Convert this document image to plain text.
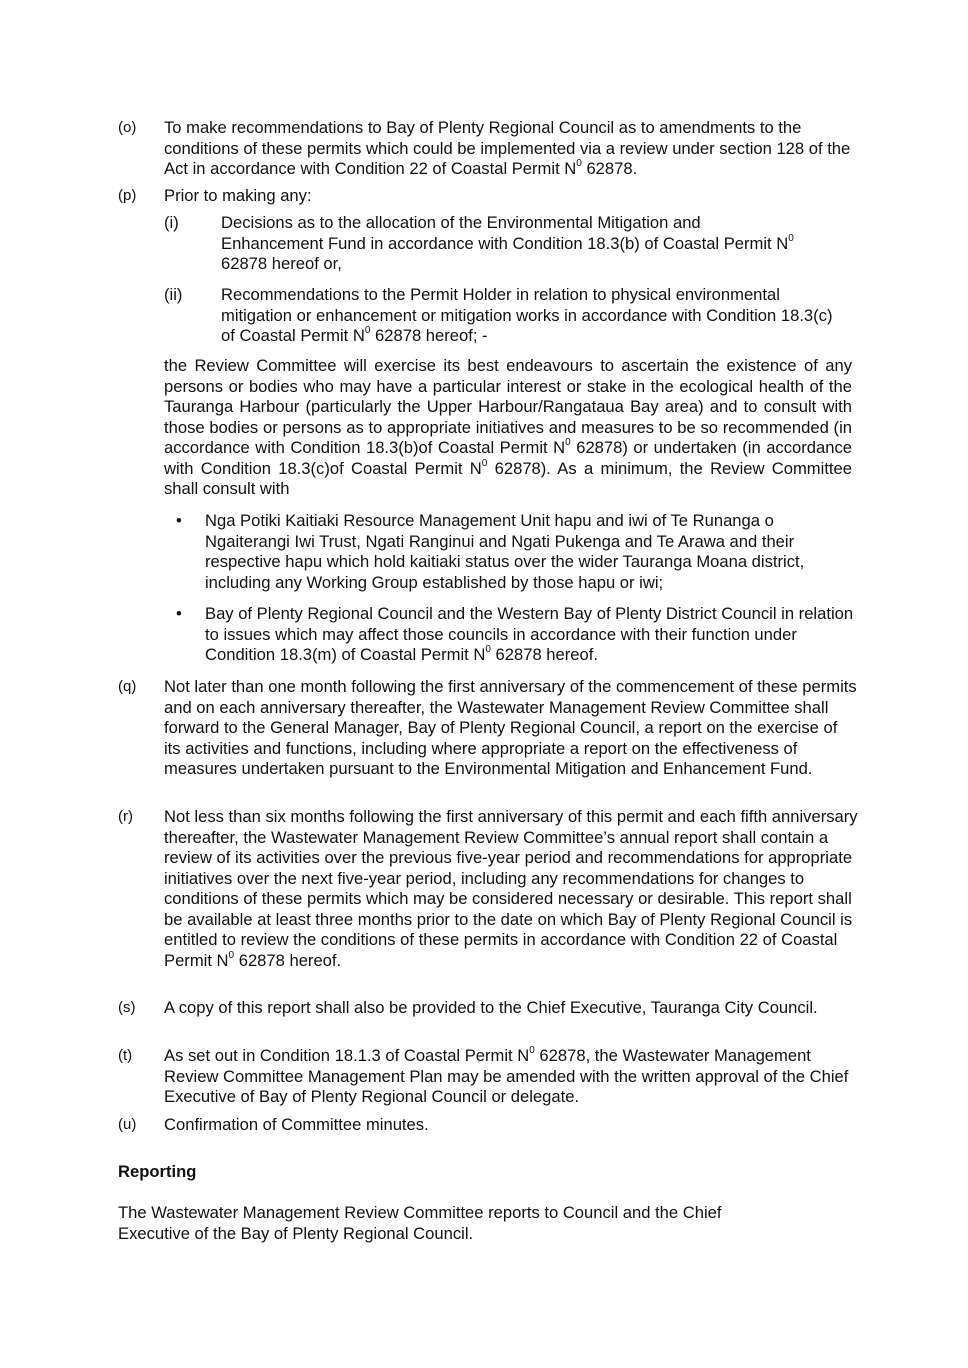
(o) To make recommendations to Bay of Plenty Regional Council as to amendments to the conditions of these permits which could be implemented via a review under section 128 of the Act in accordance with Condition 22 of Coastal Permit $N^0$ 62878.
(p) Prior to making any:
(i)	Decisions as to the allocation of the Environmental Mitigation and Enhancement Fund in accordance with Condition 18.3(b) of Coastal Permit $N^0$ 62878 hereof or,
(ii) Recommendations to the Permit Holder in relation to physical environmental mitigation or enhancement or mitigation works in accordance with Condition 18.3(c) of Coastal Permit $N^0$ 62878 hereof; -
the Review Committee will exercise its best endeavours to ascertain the existence of any persons or bodies who may have a particular interest or stake in the ecological health of the Tauranga Harbour (particularly the Upper Harbour/Rangataua Bay area) and to consult with those bodies or persons as to appropriate initiatives and measures to be so recommended (in accordance with Condition 18.3(b)of Coastal Permit $N^0$ 62878) or undertaken (in accordance with Condition 18.3(c)of Coastal Permit $N^0$ 62878). As a minimum, the Review Committee shall consult with
• Nga Potiki Kaitiaki Resource Management Unit hapu and iwi of Te Runanga o Ngaiterangi Iwi Trust, Ngati Ranginui and Ngati Pukenga and Te Arawa and their respective hapu which hold kaitiaki status over the wider Tauranga Moana district, including any Working Group established by those hapu or iwi;
• Bay of Plenty Regional Council and the Western Bay of Plenty District Council in relation to issues which may affect those councils in accordance with their function under Condition 18.3(m) of Coastal Permit $N^0$ 62878 hereof.
(q) Not later than one month following the first anniversary of the commencement of these permits and on each anniversary thereafter, the Wastewater Management Review Committee shall forward to the General Manager, Bay of Plenty Regional Council, a report on the exercise of its activities and functions, including where appropriate a report on the effectiveness of measures undertaken pursuant to the Environmental Mitigation and Enhancement Fund.
(r) Not less than six months following the first anniversary of this permit and each fifth anniversary thereafter, the Wastewater Management Review Committee’s annual report shall contain a review of its activities over the previous five-year period and recommendations for appropriate initiatives over the next five-year period, including any recommendations for changes to conditions of these permits which may be considered necessary or desirable. This report shall be available at least three months prior to the date on which Bay of Plenty Regional Council is entitled to review the conditions of these permits in accordance with Condition 22 of Coastal Permit $N^0$ 62878 hereof.
(s) A copy of this report shall also be provided to the Chief Executive, Tauranga City Council.
(t) As set out in Condition 18.1.3 of Coastal Permit $N^0$ 62878, the Wastewater Management Review Committee Management Plan may be amended with the written approval of the Chief Executive of Bay of Plenty Regional Council or delegate.
(u) Confirmation of Committee minutes.
Reporting
The Wastewater Management Review Committee reports to Council and the Chief Executive of the Bay of Plenty Regional Council.
